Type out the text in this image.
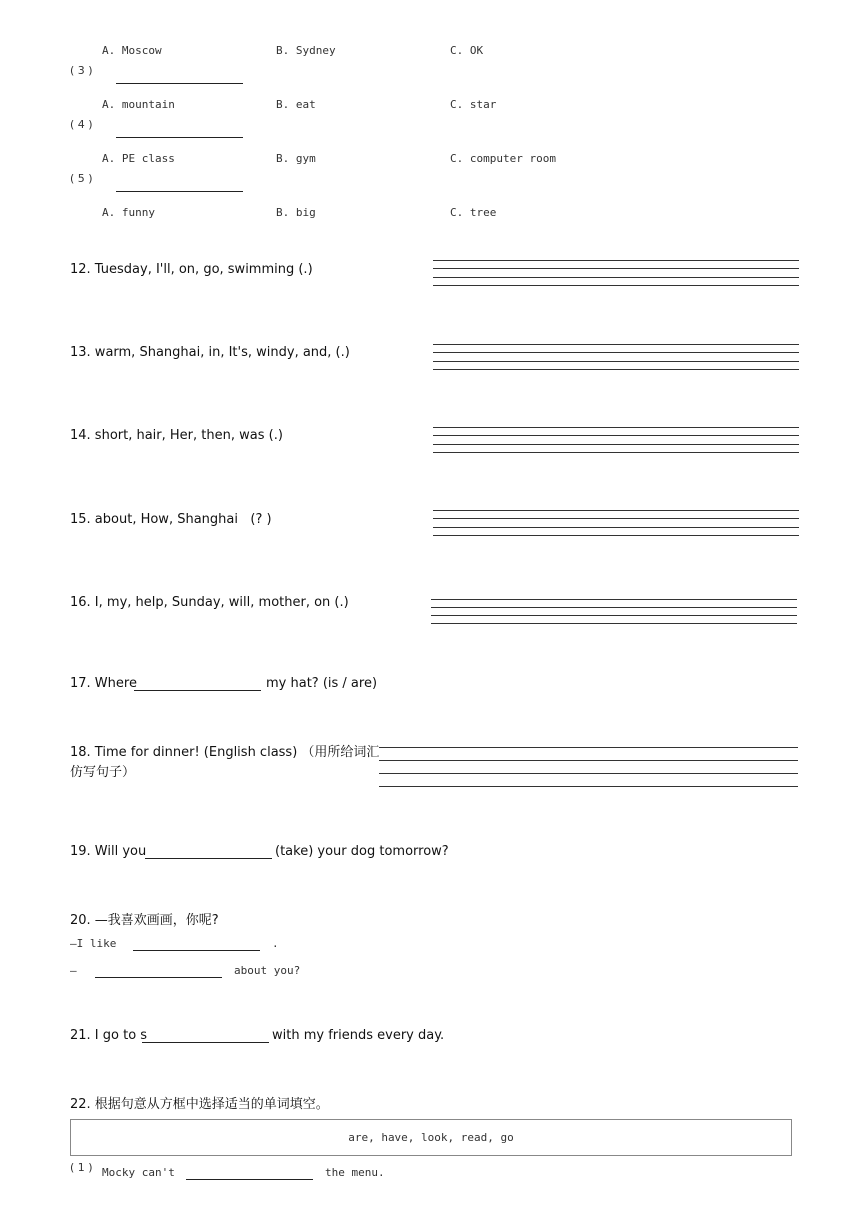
A. Moscow	B. Sydney	C. OK
( 3 )
A. mountain	B. eat	C. star
( 4 )
A. PE class	B. gym	C. computer room
( 5 )
A. funny	B. big	C. tree
12. Tuesday, I'll, on, go, swimming (.)
13. warm, Shanghai, in, It's, windy, and, (.)
14. short, hair, Her, then, was (.)
15. about, How, Shanghai   (? )
16. I, my, help, Sunday, will, mother, on (.)
17. Where	my hat? (is / are)
18. Time for dinner! (English class) （用所给词汇
仿写句子）
19. Will you	(take) your dog tomorrow?
20. —我喜欢画画，你呢?
—I like	.
—	about you?
21. I go to s	with my friends every day.
22. 根据句意从方框中选择适当的单词填空。
are, have, look, read, go
( 1 ) Mocky can't	the menu.
